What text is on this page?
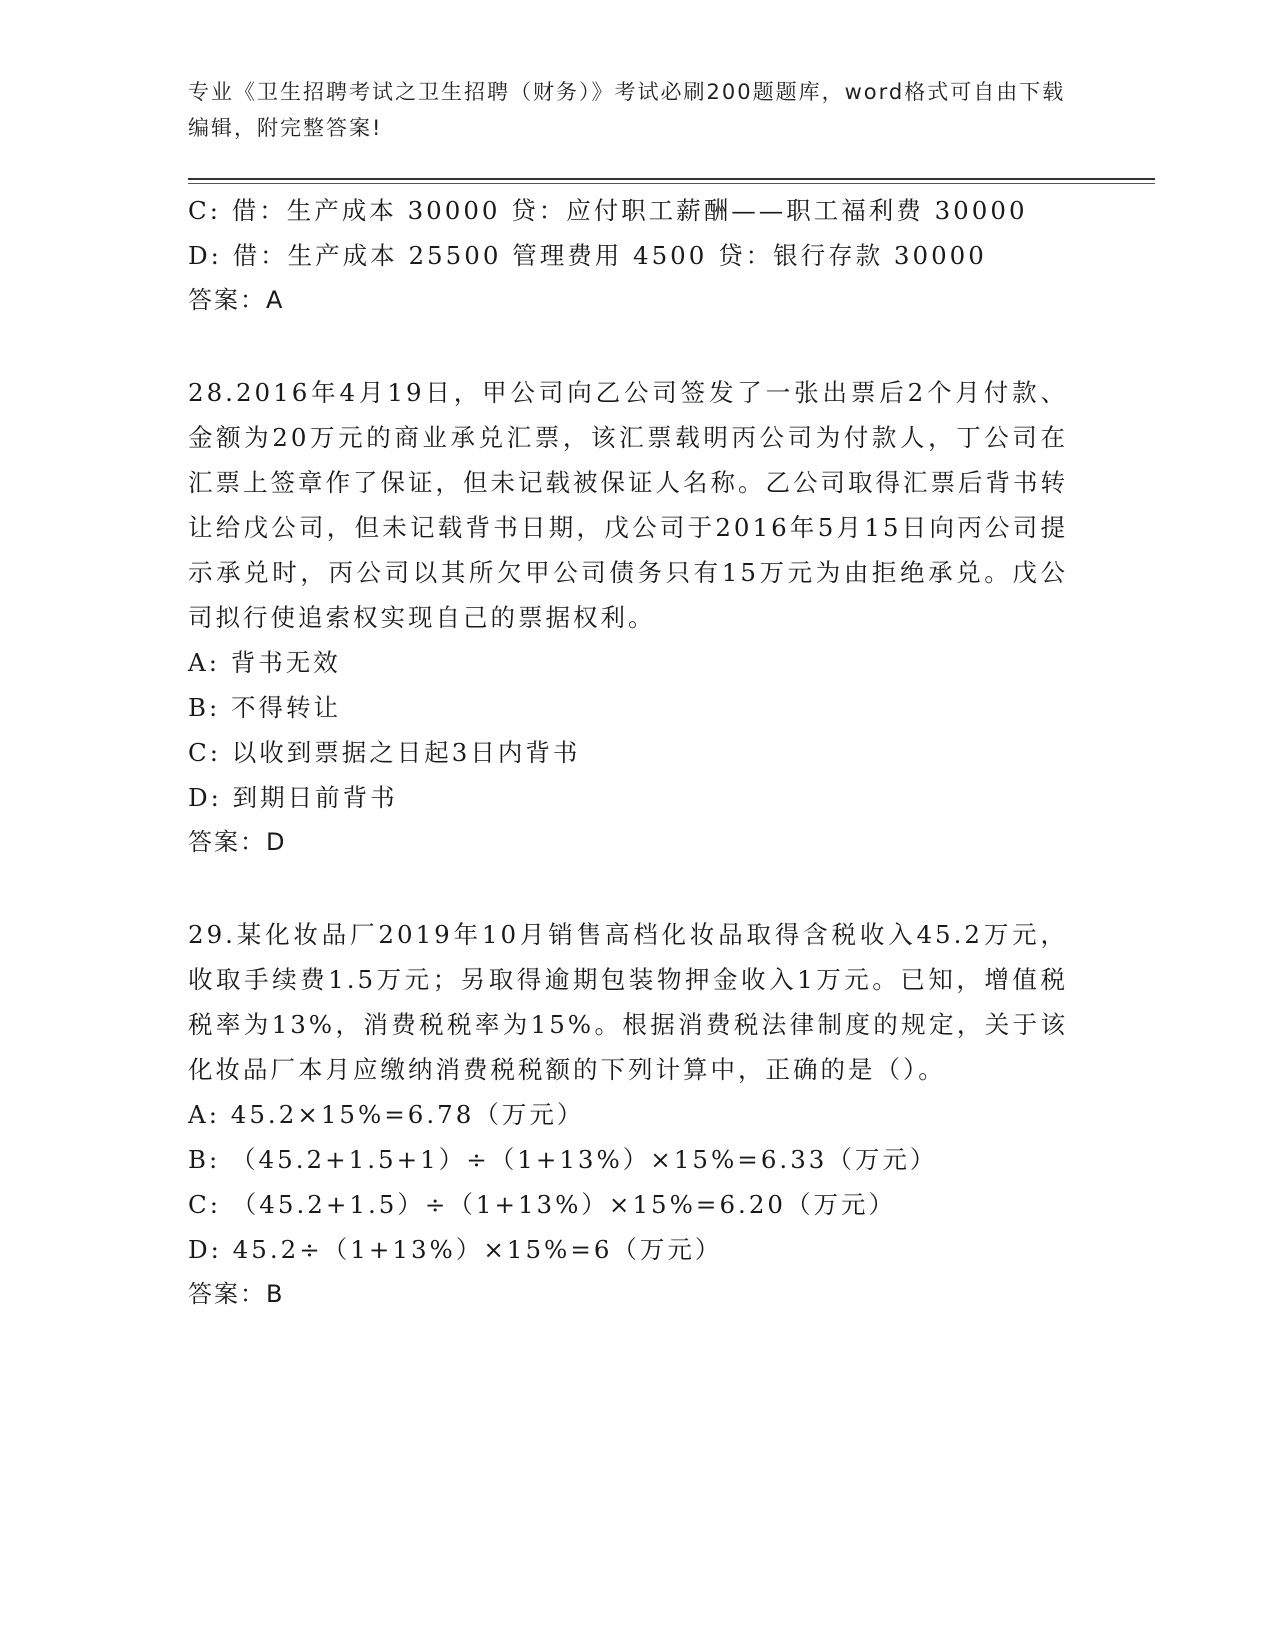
专业《卫生招聘考试之卫生招聘（财务）》考试必刷200题题库，word格式可自由下载编辑，附完整答案!
C: 借：生产成本 30000 贷：应付职工薪酬——职工福利费 30000
D: 借：生产成本 25500 管理费用 4500 贷：银行存款 30000
答案：A
28.2016年4月19日，甲公司向乙公司签发了一张出票后2个月付款、金额为20万元的商业承兑汇票，该汇票载明丙公司为付款人，丁公司在汇票上签章作了保证，但未记载被保证人名称。乙公司取得汇票后背书转让给戊公司，但未记载背书日期，戊公司于2016年5月15日向丙公司提示承兑时，丙公司以其所欠甲公司债务只有15万元为由拒绝承兑。戊公司拟行使追索权实现自己的票据权利。
A: 背书无效
B: 不得转让
C: 以收到票据之日起3日内背书
D: 到期日前背书
答案：D
29.某化妆品厂2019年10月销售高档化妆品取得含税收入45.2万元，收取手续费1.5万元；另取得逾期包装物押金收入1万元。已知，增值税税率为13%，消费税税率为15%。根据消费税法律制度的规定，关于该化妆品厂本月应缴纳消费税税额的下列计算中，正确的是（）。
A: 45.2×15%=6.78（万元）
B: （45.2+1.5+1）÷（1+13%）×15%=6.33（万元）
C: （45.2+1.5）÷（1+13%）×15%=6.20（万元）
D: 45.2÷（1+13%）×15%=6（万元）
答案：B
